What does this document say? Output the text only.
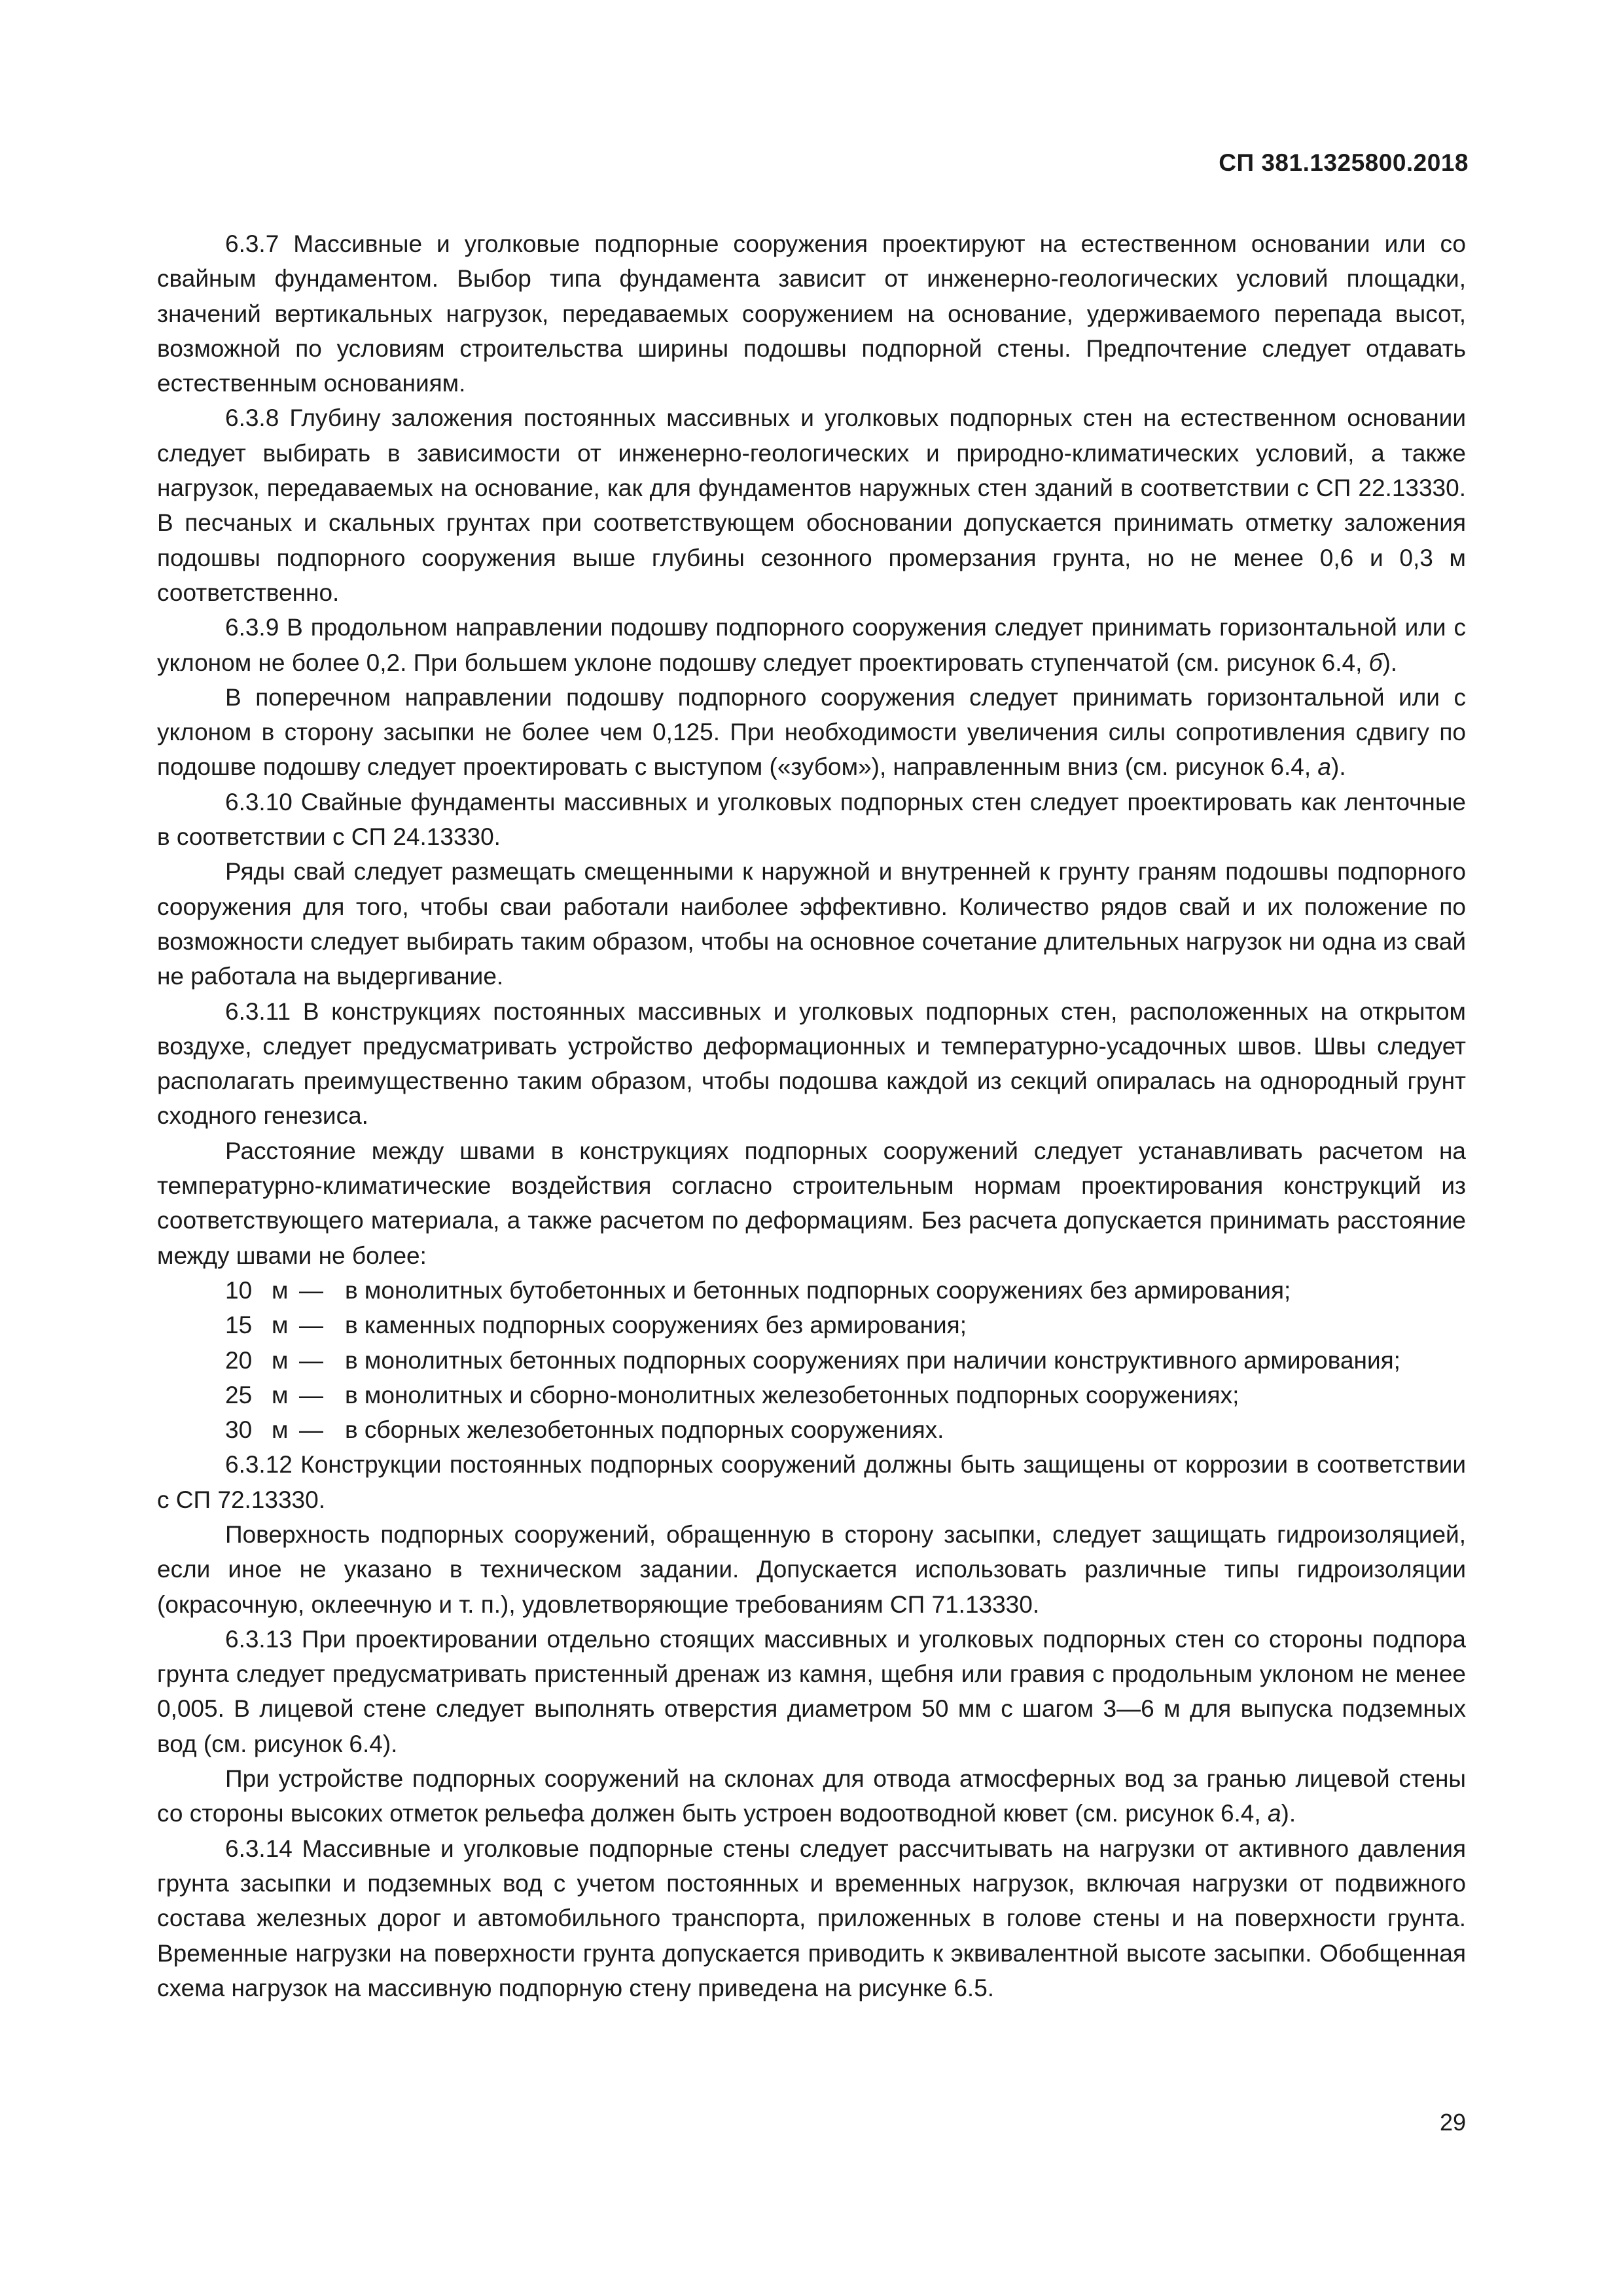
СП 381.1325800.2018

6.3.7 Массивные и уголковые подпорные сооружения проектируют на естественном основании или со свайным фундаментом. Выбор типа фундамента зависит от инженерно-геологических условий площадки, значений вертикальных нагрузок, передаваемых сооружением на основание, удерживаемого перепада высот, возможной по условиям строительства ширины подошвы подпорной стены. Предпочтение следует отдавать естественным основаниям.

6.3.8 Глубину заложения постоянных массивных и уголковых подпорных стен на естественном основании следует выбирать в зависимости от инженерно-геологических и природно-климатических условий, а также нагрузок, передаваемых на основание, как для фундаментов наружных стен зданий в соответствии с СП 22.13330. В песчаных и скальных грунтах при соответствующем обосновании допускается принимать отметку заложения подошвы подпорного сооружения выше глубины сезонного промерзания грунта, но не менее 0,6 и 0,3 м соответственно.

6.3.9 В продольном направлении подошву подпорного сооружения следует принимать горизонтальной или с уклоном не более 0,2. При большем уклоне подошву следует проектировать ступенчатой (см. рисунок 6.4, б).

В поперечном направлении подошву подпорного сооружения следует принимать горизонтальной или с уклоном в сторону засыпки не более чем 0,125. При необходимости увеличения силы сопротивления сдвигу по подошве подошву следует проектировать с выступом («зубом»), направленным вниз (см. рисунок 6.4, а).

6.3.10 Свайные фундаменты массивных и уголковых подпорных стен следует проектировать как ленточные в соответствии с СП 24.13330.

Ряды свай следует размещать смещенными к наружной и внутренней к грунту граням подошвы подпорного сооружения для того, чтобы сваи работали наиболее эффективно. Количество рядов свай и их положение по возможности следует выбирать таким образом, чтобы на основное сочетание длительных нагрузок ни одна из свай не работала на выдергивание.

6.3.11 В конструкциях постоянных массивных и уголковых подпорных стен, расположенных на открытом воздухе, следует предусматривать устройство деформационных и температурно-усадочных швов. Швы следует располагать преимущественно таким образом, чтобы подошва каждой из секций опиралась на однородный грунт сходного генезиса.

Расстояние между швами в конструкциях подпорных сооружений следует устанавливать расчетом на температурно-климатические воздействия согласно строительным нормам проектирования конструкций из соответствующего материала, а также расчетом по деформациям. Без расчета допускается принимать расстояние между швами не более:

10 м — в монолитных бутобетонных и бетонных подпорных сооружениях без армирования;

15 м — в каменных подпорных сооружениях без армирования;

20 м — в монолитных бетонных подпорных сооружениях при наличии конструктивного армирования;

25 м — в монолитных и сборно-монолитных железобетонных подпорных сооружениях;

30 м — в сборных железобетонных подпорных сооружениях.

6.3.12 Конструкции постоянных подпорных сооружений должны быть защищены от коррозии в соответствии с СП 72.13330.

Поверхность подпорных сооружений, обращенную в сторону засыпки, следует защищать гидроизоляцией, если иное не указано в техническом задании. Допускается использовать различные типы гидроизоляции (окрасочную, оклеечную и т. п.), удовлетворяющие требованиям СП 71.13330.

6.3.13 При проектировании отдельно стоящих массивных и уголковых подпорных стен со стороны подпора грунта следует предусматривать пристенный дренаж из камня, щебня или гравия с продольным уклоном не менее 0,005. В лицевой стене следует выполнять отверстия диаметром 50 мм с шагом 3—6 м для выпуска подземных вод (см. рисунок 6.4).

При устройстве подпорных сооружений на склонах для отвода атмосферных вод за гранью лицевой стены со стороны высоких отметок рельефа должен быть устроен водоотводной кювет (см. рисунок 6.4, а).

6.3.14 Массивные и уголковые подпорные стены следует рассчитывать на нагрузки от активного давления грунта засыпки и подземных вод с учетом постоянных и временных нагрузок, включая нагрузки от подвижного состава железных дорог и автомобильного транспорта, приложенных в голове стены и на поверхности грунта. Временные нагрузки на поверхности грунта допускается приводить к эквивалентной высоте засыпки. Обобщенная схема нагрузок на массивную подпорную стену приведена на рисунке 6.5.

29
